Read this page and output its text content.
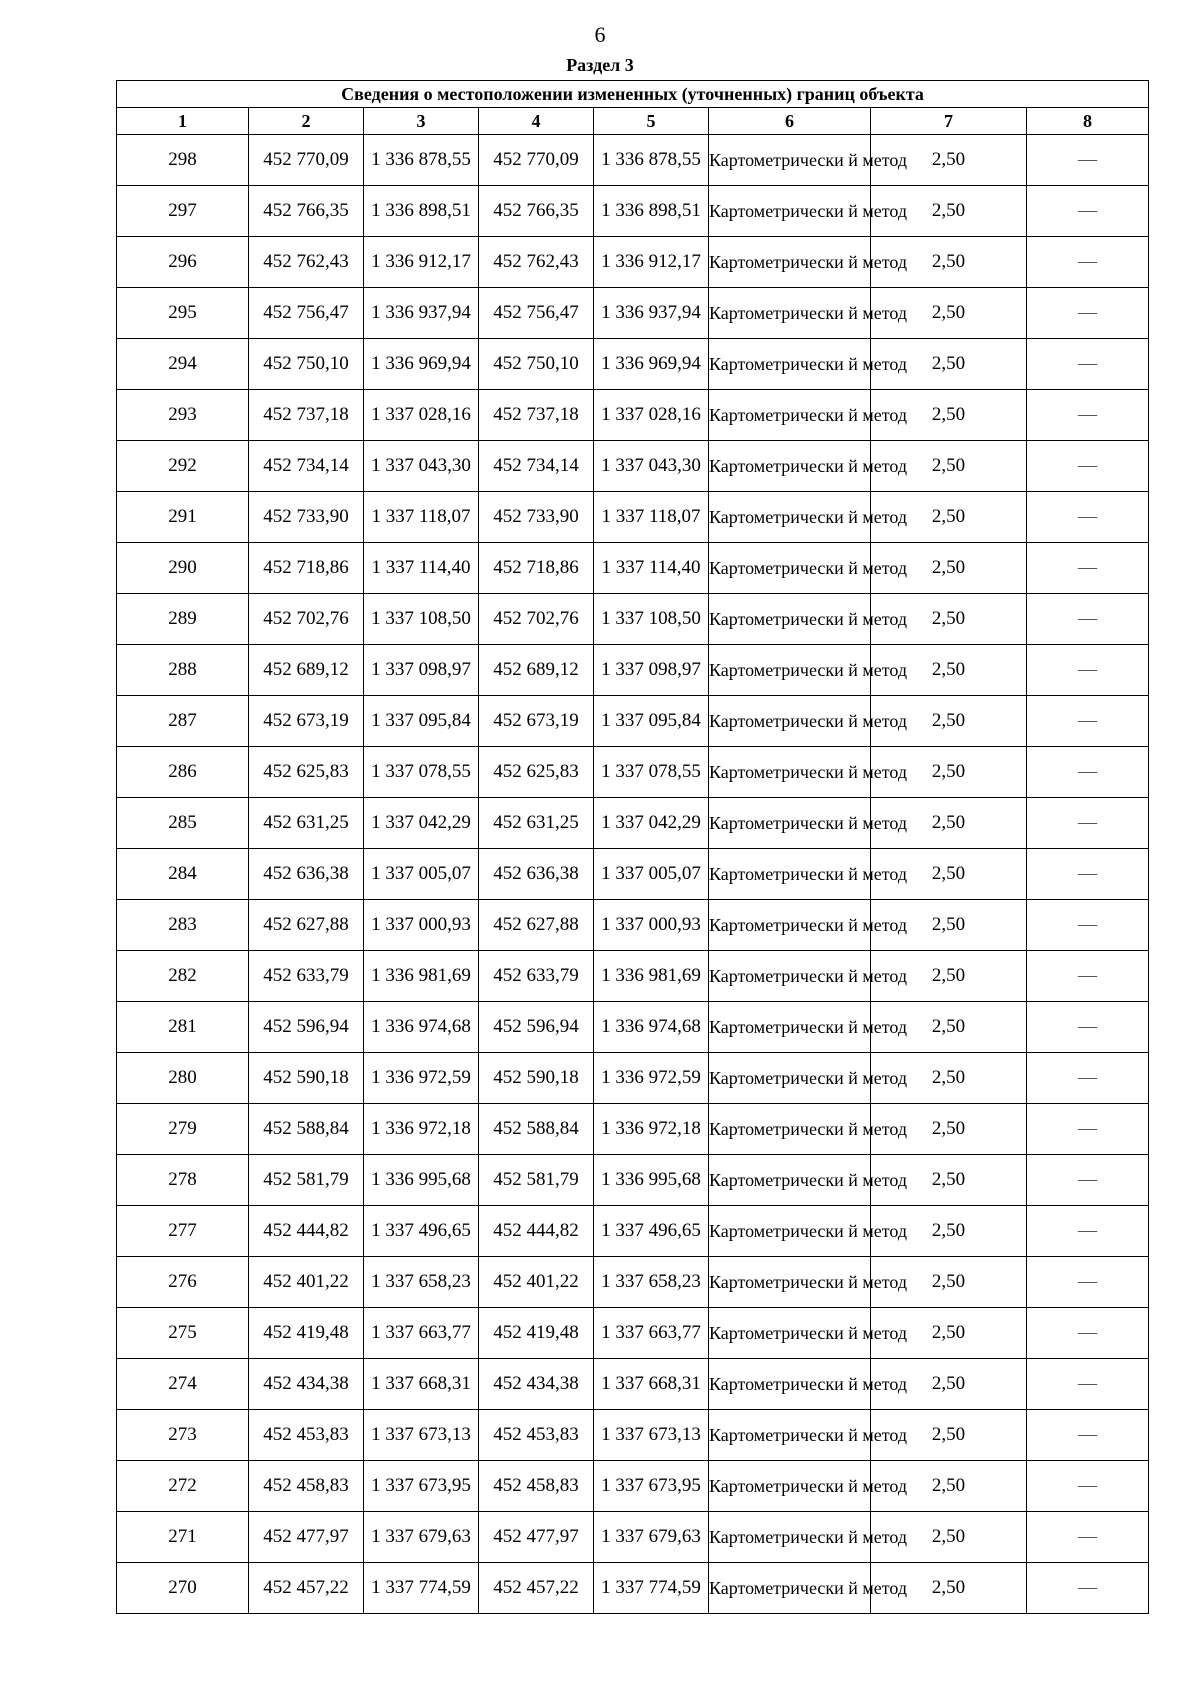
6
Раздел 3
Сведения о местоположении измененных (уточненных) границ объекта							
1	2	3	4	5	6	7	8
298	452 770,09	1 336 878,55	452 770,09	1 336 878,55	Картометрически й метод	2,50	—
297	452 766,35	1 336 898,51	452 766,35	1 336 898,51	Картометрически й метод	2,50	—
296	452 762,43	1 336 912,17	452 762,43	1 336 912,17	Картометрически й метод	2,50	—
295	452 756,47	1 336 937,94	452 756,47	1 336 937,94	Картометрически й метод	2,50	—
294	452 750,10	1 336 969,94	452 750,10	1 336 969,94	Картометрически й метод	2,50	—
293	452 737,18	1 337 028,16	452 737,18	1 337 028,16	Картометрически й метод	2,50	—
292	452 734,14	1 337 043,30	452 734,14	1 337 043,30	Картометрически й метод	2,50	—
291	452 733,90	1 337 118,07	452 733,90	1 337 118,07	Картометрически й метод	2,50	—
290	452 718,86	1 337 114,40	452 718,86	1 337 114,40	Картометрически й метод	2,50	—
289	452 702,76	1 337 108,50	452 702,76	1 337 108,50	Картометрически й метод	2,50	—
288	452 689,12	1 337 098,97	452 689,12	1 337 098,97	Картометрически й метод	2,50	—
287	452 673,19	1 337 095,84	452 673,19	1 337 095,84	Картометрически й метод	2,50	—
286	452 625,83	1 337 078,55	452 625,83	1 337 078,55	Картометрически й метод	2,50	—
285	452 631,25	1 337 042,29	452 631,25	1 337 042,29	Картометрически й метод	2,50	—
284	452 636,38	1 337 005,07	452 636,38	1 337 005,07	Картометрически й метод	2,50	—
283	452 627,88	1 337 000,93	452 627,88	1 337 000,93	Картометрически й метод	2,50	—
282	452 633,79	1 336 981,69	452 633,79	1 336 981,69	Картометрически й метод	2,50	—
281	452 596,94	1 336 974,68	452 596,94	1 336 974,68	Картометрически й метод	2,50	—
280	452 590,18	1 336 972,59	452 590,18	1 336 972,59	Картометрически й метод	2,50	—
279	452 588,84	1 336 972,18	452 588,84	1 336 972,18	Картометрически й метод	2,50	—
278	452 581,79	1 336 995,68	452 581,79	1 336 995,68	Картометрически й метод	2,50	—
277	452 444,82	1 337 496,65	452 444,82	1 337 496,65	Картометрически й метод	2,50	—
276	452 401,22	1 337 658,23	452 401,22	1 337 658,23	Картометрически й метод	2,50	—
275	452 419,48	1 337 663,77	452 419,48	1 337 663,77	Картометрически й метод	2,50	—
274	452 434,38	1 337 668,31	452 434,38	1 337 668,31	Картометрически й метод	2,50	—
273	452 453,83	1 337 673,13	452 453,83	1 337 673,13	Картометрически й метод	2,50	—
272	452 458,83	1 337 673,95	452 458,83	1 337 673,95	Картометрически й метод	2,50	—
271	452 477,97	1 337 679,63	452 477,97	1 337 679,63	Картометрически й метод	2,50	—
270	452 457,22	1 337 774,59	452 457,22	1 337 774,59	Картометрически й метод	2,50	—
